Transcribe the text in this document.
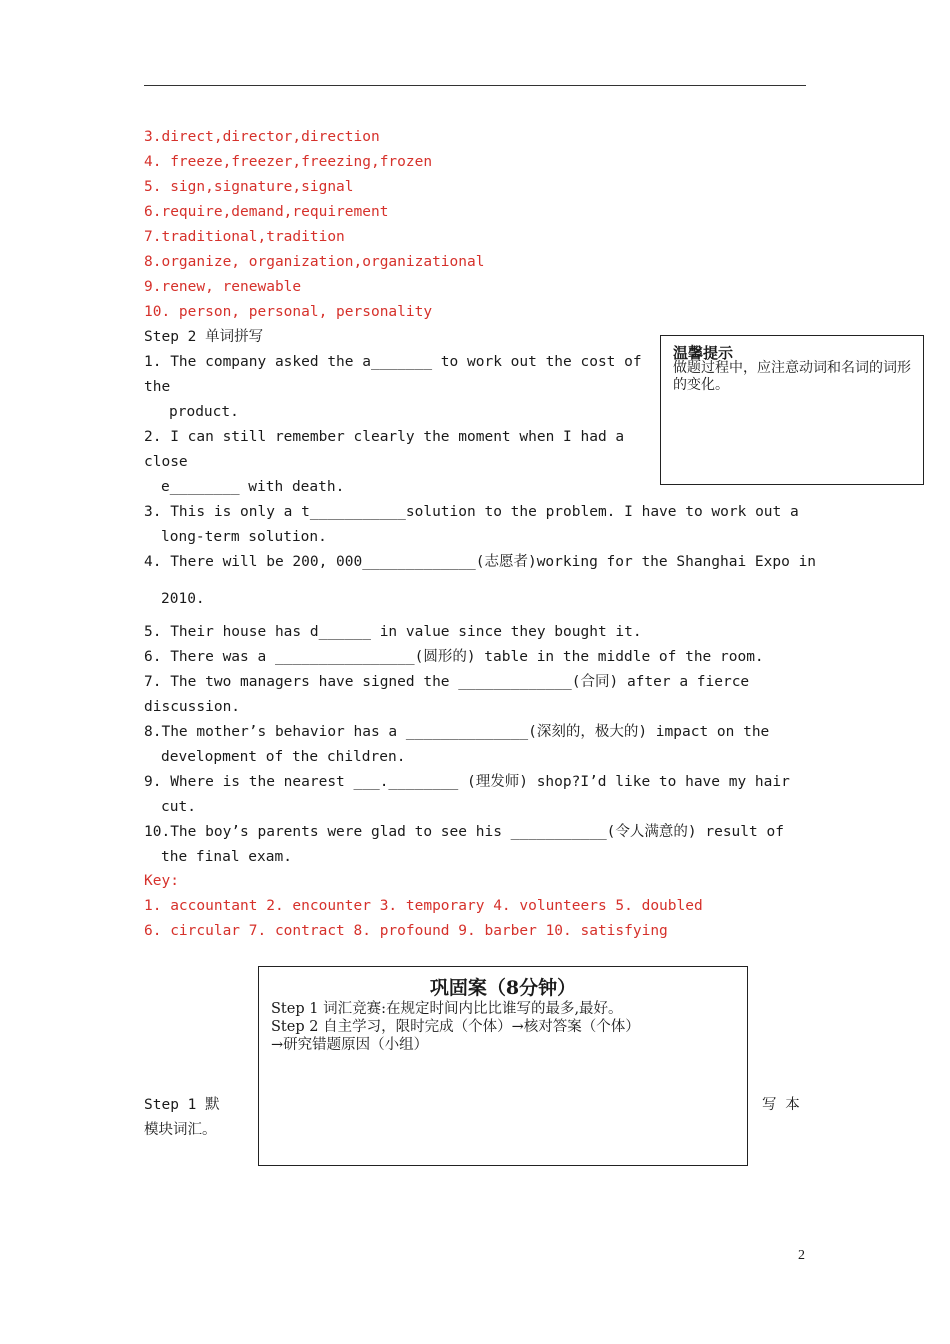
3.direct,director,direction
4. freeze,freezer,freezing,frozen
5. sign,signature,signal
6.require,demand,requirement
7.traditional,tradition
8.organize, organization,organizational
9.renew, renewable
10. person, personal, personality
Step 2 单词拼写
温馨提示
做题过程中，应注意动词和名词的词形的变化。
1. The company asked the a_______ to work out the cost of
the
product.
2. I can still remember clearly the moment when I had a
close
e________ with death.
3. This is only a t___________solution to the problem. I have to work out a
long-term solution.
4. There will be 200, 000_____________(志愿者)working for the Shanghai Expo in
2010.
5. Their house has d______ in value since they bought it.
6. There was a ________________(圆形的) table in the middle of the room.
7. The two managers have signed the _____________(合同) after a fierce
discussion.
8.The mother’s behavior has a ______________(深刻的，极大的) impact on the
development of the children.
9. Where is the nearest ___.________ (理发师) shop?I’d like to have my hair
cut.
10.The boy’s parents were glad to see his ___________(令人满意的) result of
the final exam.
Key:
1. accountant 2. encounter 3. temporary 4. volunteers 5. doubled
6. circular 7. contract 8. profound 9. barber 10. satisfying
巩固案（8分钟）
Step 1 词汇竞赛:在规定时间内比比谁写的最多,最好。
Step 2 自主学习，限时完成（个体）→核对答案（个体）
→研究错题原因（小组）
Step 1 默	写 本
模块词汇。
2
